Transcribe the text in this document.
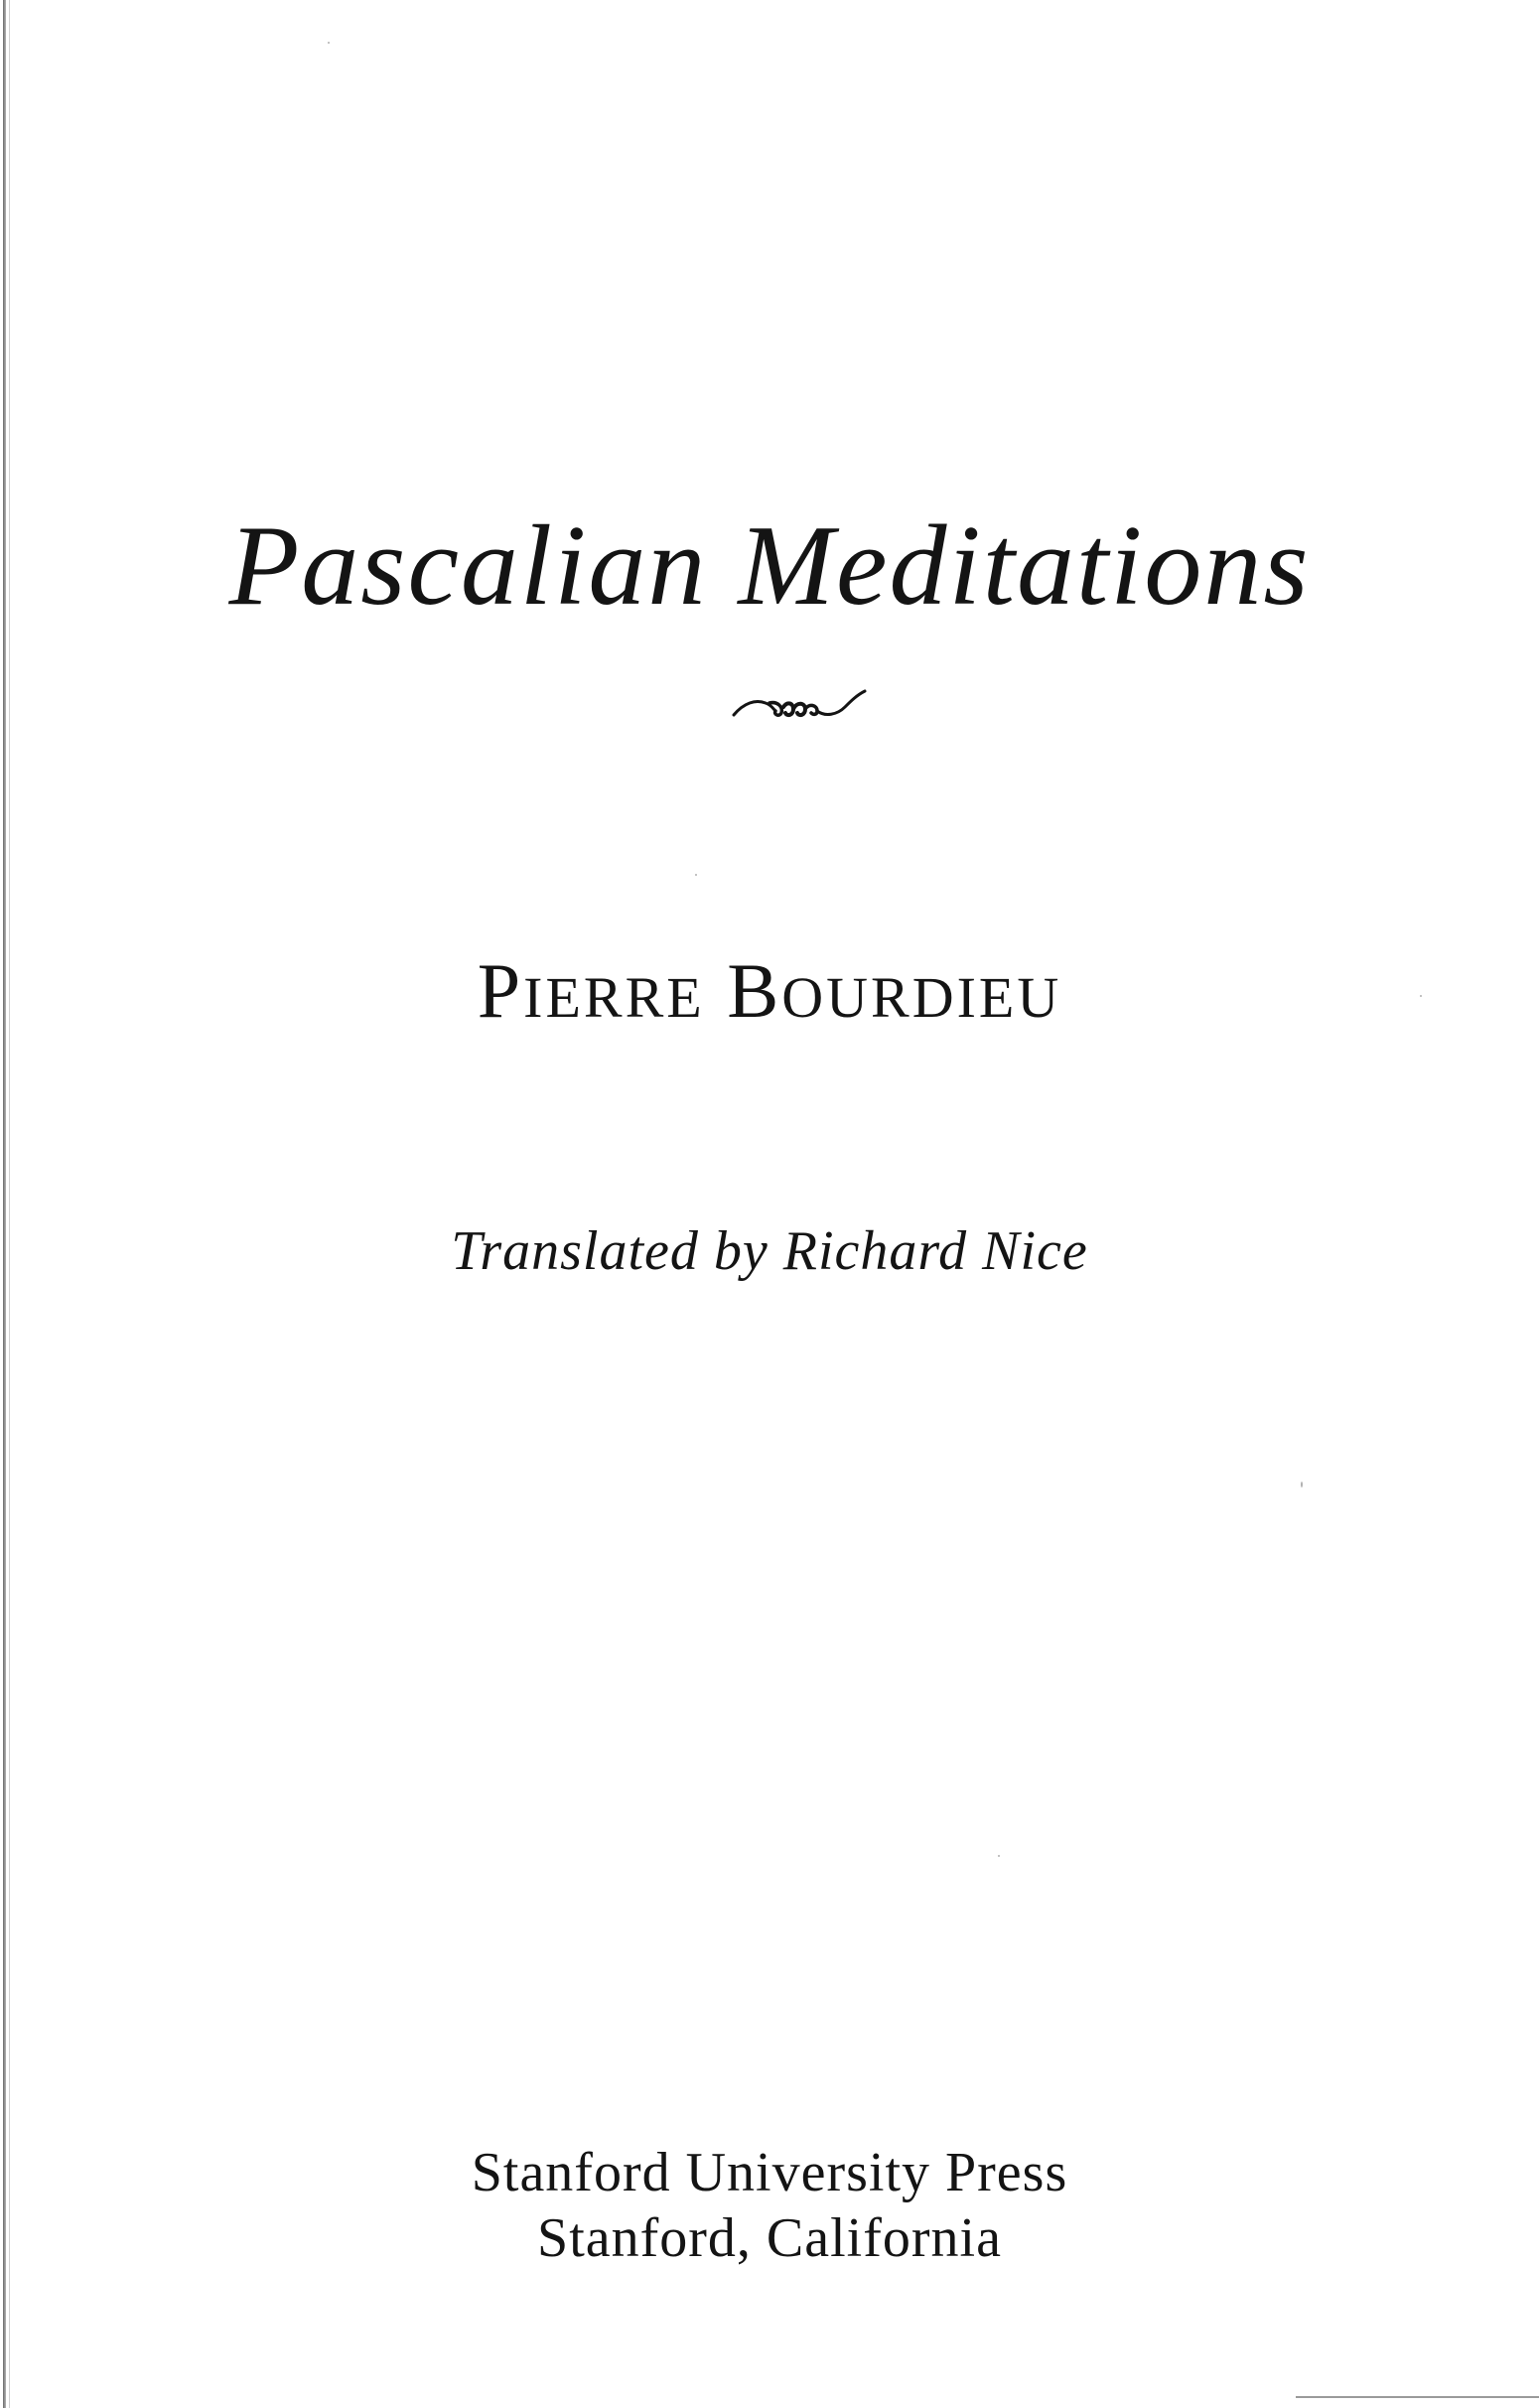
Pascalian Meditations
PIERRE BOURDIEU
Translated by Richard Nice
Stanford University Press
Stanford, California
